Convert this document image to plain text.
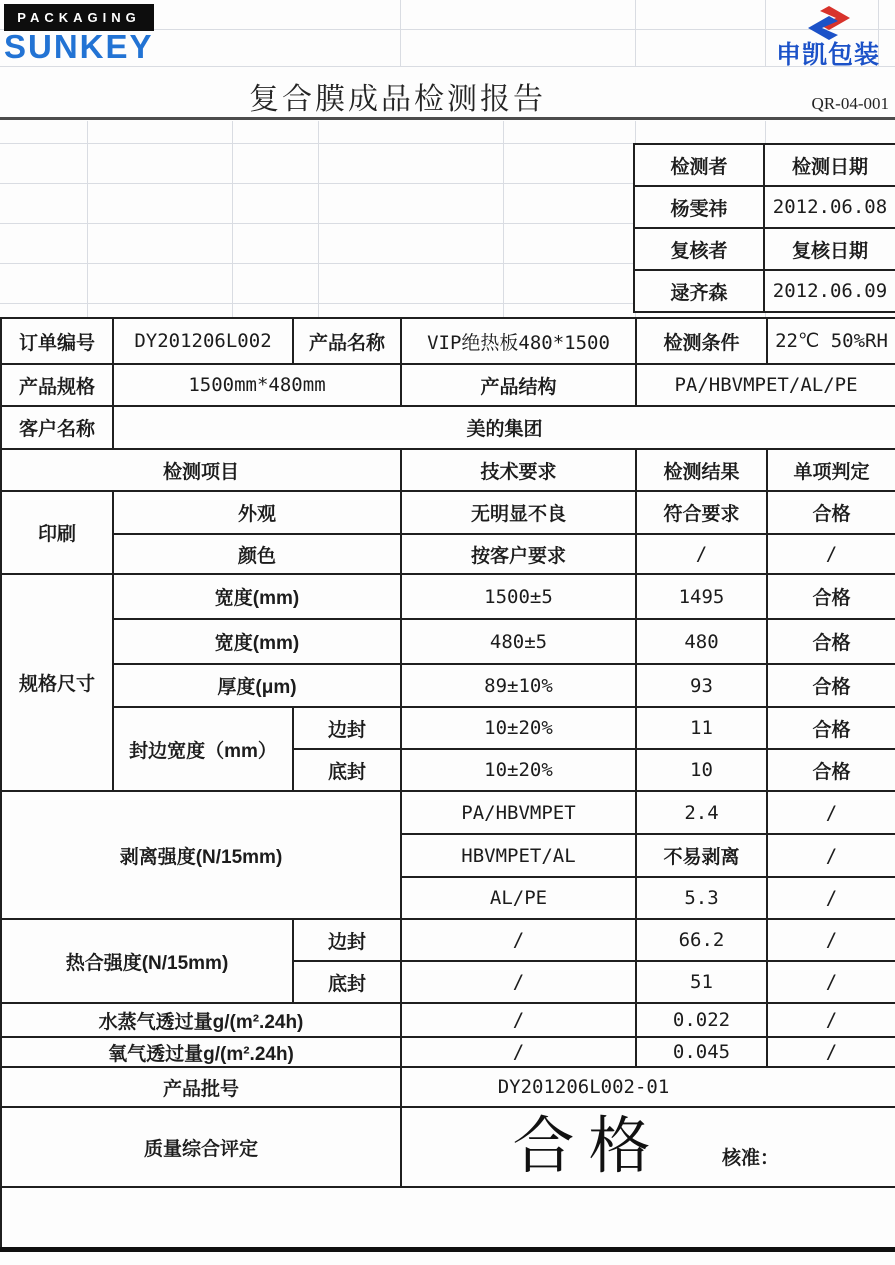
PACKAGING
SUNKEY	申凯包装
复合膜成品检测报告	QR-04-001
检测者	检测日期
杨雯祎	2012.06.08
复核者	复核日期
逯齐森	2012.06.09
订单编号	DY201206L002	产品名称	VIP绝热板480*1500	检测条件	22℃ 50%RH
产品规格	1500mm*480mm		产品结构	PA/HBVMPET/AL/PE	
客户名称	美的集团				
检测项目			技术要求	检测结果	单项判定
印刷	外观		无明显不良	符合要求	合格
	颜色		按客户要求	/	/
规格尺寸	宽度(mm)		1500±5	1495	合格
	宽度(mm)		480±5	480	合格
	厚度(μm)		89±10%	93	合格
	封边宽度（mm）	边封	10±20%	11	合格
		底封	10±20%	10	合格
剥离强度(N/15mm)			PA/HBVMPET	2.4	/
			HBVMPET/AL	不易剥离	/
			AL/PE	5.3	/
热合强度(N/15mm)		边封	/	66.2	/
		底封	/	51	/
水蒸气透过量g/(m².24h)			/	0.022	/
氧气透过量g/(m².24h)			/	0.045	/
产品批号			DY201206L002-01		
质量综合评定			合格 核准：		
